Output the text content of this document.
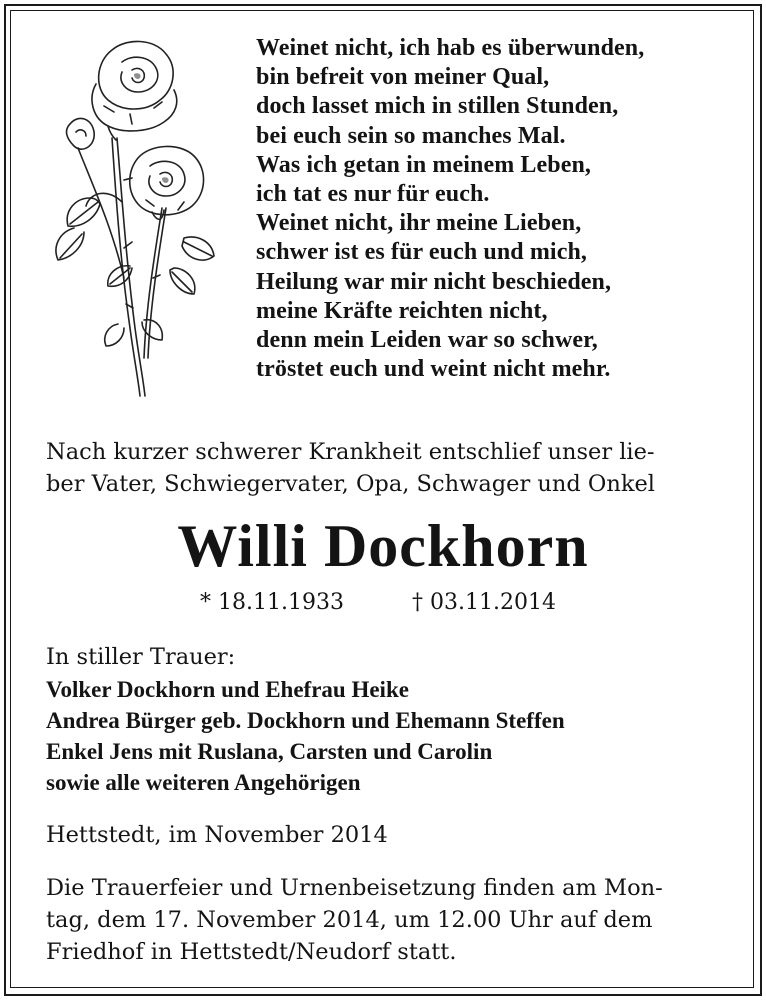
Weinet nicht, ich hab es überwunden,
bin befreit von meiner Qual,
doch lasset mich in stillen Stunden,
bei euch sein so manches Mal.
Was ich getan in meinem Leben,
ich tat es nur für euch.
Weinet nicht, ihr meine Lieben,
schwer ist es für euch und mich,
Heilung war mir nicht beschieden,
meine Kräfte reichten nicht,
denn mein Leiden war so schwer,
tröstet euch und weint nicht mehr.
Nach kurzer schwerer Krankheit entschlief unser lie-
ber Vater, Schwiegervater, Opa, Schwager und Onkel
Willi Dockhorn
* 18.11.1933	† 03.11.2014
In stiller Trauer:
Volker Dockhorn und Ehefrau Heike
Andrea Bürger geb. Dockhorn und Ehemann Steffen
Enkel Jens mit Ruslana, Carsten und Carolin
sowie alle weiteren Angehörigen
Hettstedt, im November 2014
Die Trauerfeier und Urnenbeisetzung finden am Mon-
tag, dem 17. November 2014, um 12.00 Uhr auf dem
Friedhof in Hettstedt/Neudorf statt.
